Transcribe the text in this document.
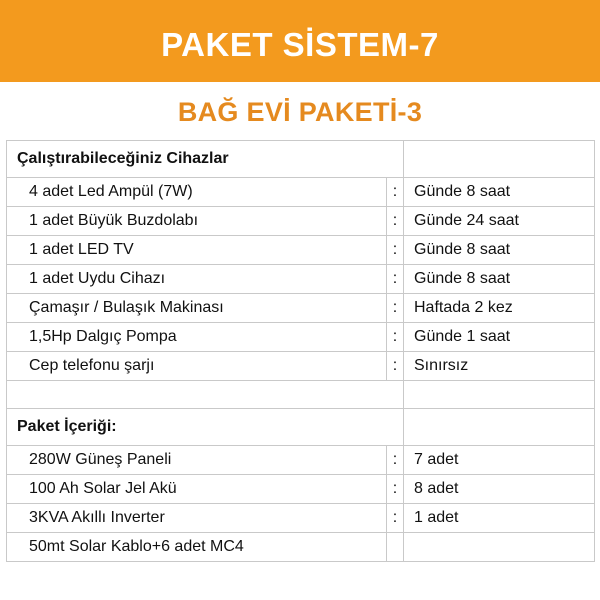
PAKET SİSTEM-7
BAĞ EVİ PAKETİ-3
Çalıştırabileceğiniz Cihazlar		
4 adet Led Ampül (7W)	:	Günde 8 saat
1 adet Büyük Buzdolabı	:	Günde 24 saat
1 adet LED TV	:	Günde 8 saat
1 adet Uydu Cihazı	:	Günde 8 saat
Çamaşır / Bulaşık Makinası	:	Haftada 2 kez
1,5Hp Dalgıç Pompa	:	Günde 1 saat
Cep telefonu şarjı	:	Sınırsız

Paket İçeriği:		
280W Güneş Paneli	:	7 adet
100 Ah Solar Jel Akü	:	8 adet
3KVA Akıllı Inverter	:	1 adet
50mt Solar Kablo+6 adet MC4		
